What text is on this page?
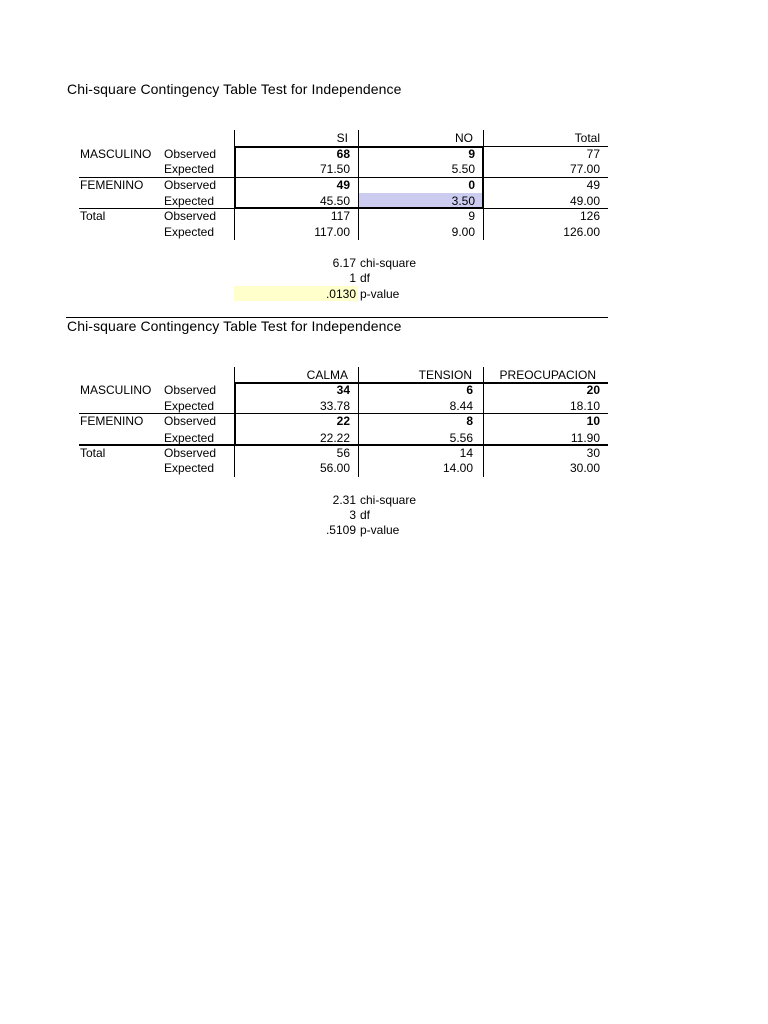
Chi-square Contingency Table Test for Independence
SI	NO	Total
MASCULINO Observed	68	9	77
Expected	71.50	5.50	77.00
FEMENINO Observed	49	0	49
Expected	45.50	3.50	49.00
Total	Observed	117	9	126
Expected	117.00	9.00	126.00
6.17 chi-square
1 df
.0130 p-value
Chi-square Contingency Table Test for Independence
CALMA	TENSION	PREOCUPACION
MASCULINO Observed	34	6	20
Expected	33.78	8.44	18.10
FEMENINO Observed	22	8	10
Expected	22.22	5.56	11.90
Total	Observed	56	14	30
Expected	56.00	14.00	30.00
2.31 chi-square
3 df
.5109 p-value
